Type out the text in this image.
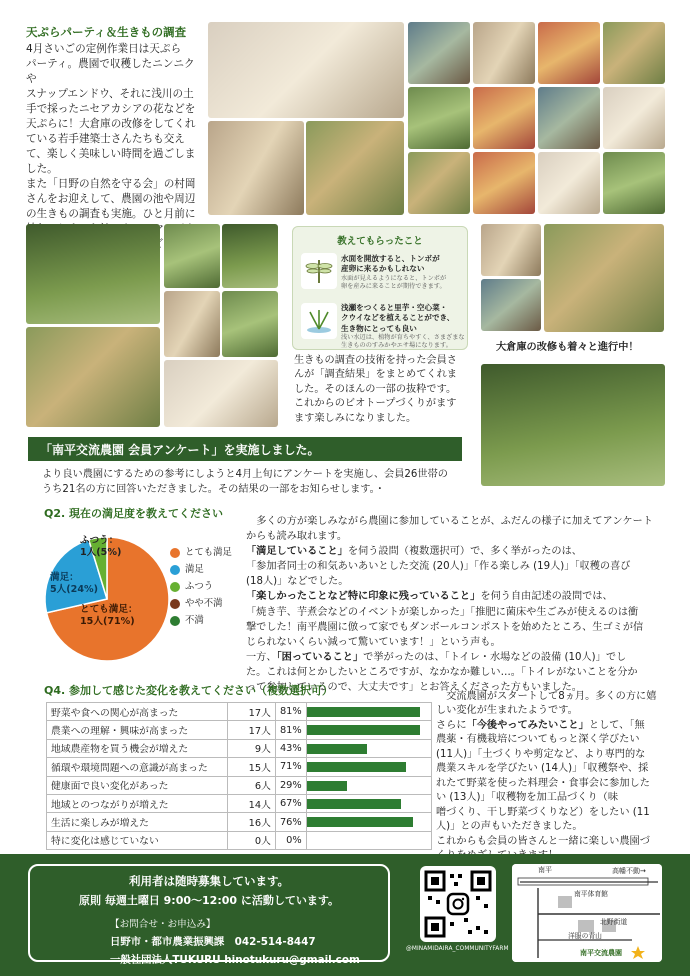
天ぷらパーティ＆生きもの調査
4月さいごの定例作業日は天ぷら
パーティ。農園で収穫したニンニクや
スナップエンドウ、それに浅川の土
手で採ったニセアカシアの花などを
天ぷらに！大倉庫の改修をしてくれ
ている若手建築士さんたちも交え
て、楽しく美味しい時間を過ごしま
した。
また「日野の自然を守る会」の村岡
さんをお迎えして、農園の池や周辺
の生きもの調査も実施。ひと月前に
教えてもらったこと
水面を開放すると、トンボが
産卵に来るかもしれない
水面が見えるようになると、トンボが
卵を産みに来ることが期待できます。
浅瀬をつくると里芋・空心菜・
クウイなどを植えることができ、
生き物にとっても良い
浅い水辺は、植物が育ちやすく、さまざまな
生きもののすみかやエサ場になります。
生きもの調査の技術を持った会員さ
んが「調査結果」をまとめてくれま
した。そのほんの一部の抜粋です。
これからのビオトープづくりがます
ます楽しみになりました。
大倉庫の改修も着々と進行中！
「南平交流農園 会員アンケート」を実施しました。
より良い農園にするための参考にしようと4月上旬にアンケートを実施し、会員26世帯の
うち21名の方に回答いただきました。その結果の一部をお知らせします。・
Q2. 現在の満足度を教えてください
ふつう：
1人(5%)
満足：
5人(24%)
とても満足：
15人(71%)
とても満足
満足
ふつう
やや不満
不満
多くの方が楽しみながら農園に参加していることが、ふだんの様子に加えてアンケート
からも読み取れます。
「満足していること」を伺う設問（複数選択可）で、多く挙がったのは、
「参加者同士の和気あいあいとした交流 (20人)」「作る楽しみ (19人)」「収穫の喜び
(18人)」などでした。
「楽しかったことなど特に印象に残っていること」を伺う自由記述の設問では、
「焼き芋、芋煮会などのイベントが楽しかった」「推肥に菌床や生ごみが使えるのは衝
撃でした！南平農園に倣って家でもダンボールコンポストを始めたところ、生ゴミが信
じられないくらい減って驚いています！」という声も。
一方、「困っていること」で挙がったのは、「トイレ・水場などの設備 (10人)」でし
た。これは何とかしたいところですが、なかなか難しい…。「トイレがないことを分か
って参加しているので、大丈夫です」とお答えくださった方もいました。
Q4. 参加して感じた変化を教えてください（複数選択可）
野菜や食への関心が高まった	17人	81%	

農業への理解・興味が高まった	17人	81%	

地域農産物を買う機会が増えた	9人	43%	

循環や環境問題への意識が高まった	15人	71%	

健康面で良い変化があった	6人	29%	

地域とのつながりが増えた	14人	67%	

生活に楽しみが増えた	16人	76%	

特に変化は感じていない	0人	0%	
交流農園がスタートして8ヵ月。多くの方に嬉
しい変化が生まれたようです。
さらに「今後やってみたいこと」として、「無
農薬・有機栽培についてもっと深く学びたい
(11人)」「土づくりや剪定など、より専門的な
農業スキルを学びたい (14人)」「収穫祭や、採
れたて野菜を使った料理会・食事会に参加した
い (13人)」「収穫物を加工品づくり（味
噌づくり、干し野菜づくりなど）をしたい (11
人)」との声もいただきました。
これからも会員の皆さんと一緒に楽しい農園づ
利用者は随時募集しています。
原則 毎週土曜日 9:00〜12:00 に活動しています。
【お問合せ・お申込み】
日野市・都市農業振興課　042-514-8447
一般社団法人TUKURU hinotukuru@gmail.com
@MINAMIDAIRA_COMMUNITYFARM
南平	高幡不動→
南平体育館
北野街道
洋服の青山
南平交流農園
